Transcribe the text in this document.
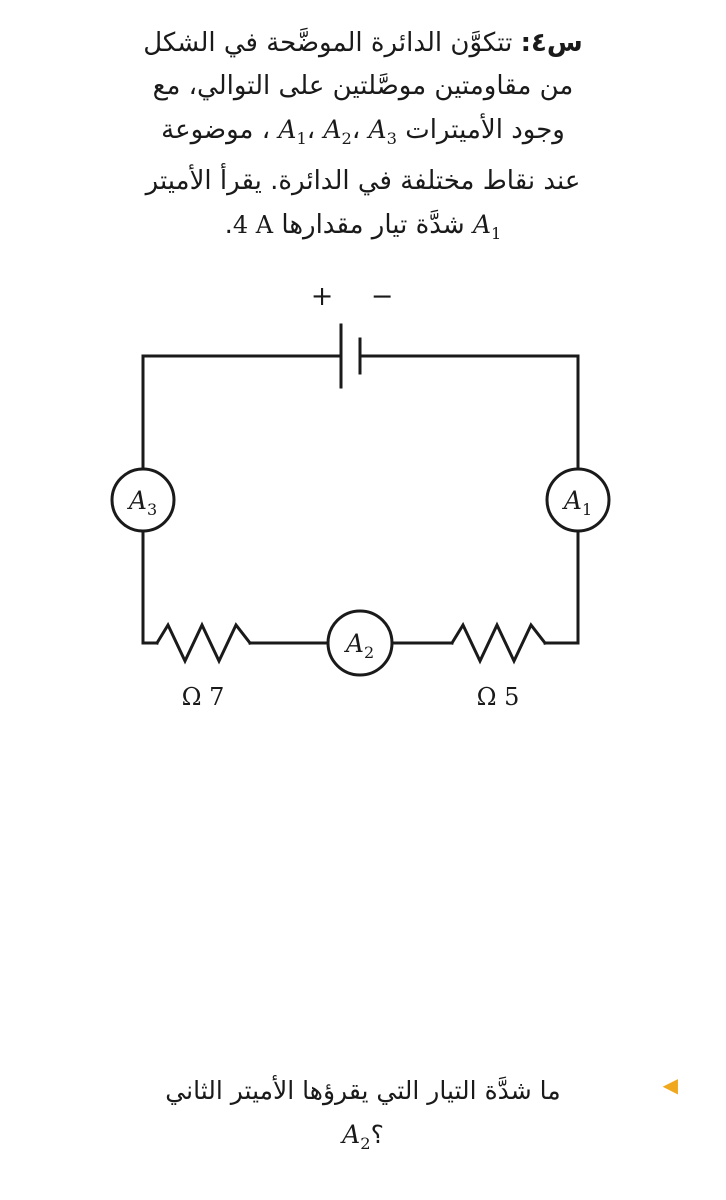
س٤: تتكوَّن الدائرة الموضَّحة في الشكل
من مقاومتين موصَّلتين على التوالي، مع
وجود الأميترات $A_1،$ $A_2،$ $A_3$ ، موضوعة
عند نقاط مختلفة في الدائرة. يقرأ الأميتر
$A_1$ شدَّة تيار مقدارها 4 A.
+ −
$A_3$	$A_1$
$A_2$
7 Ω	5 Ω
◀
ما شدَّة التيار التي يقرؤها الأميتر الثاني
$؟A_2$
